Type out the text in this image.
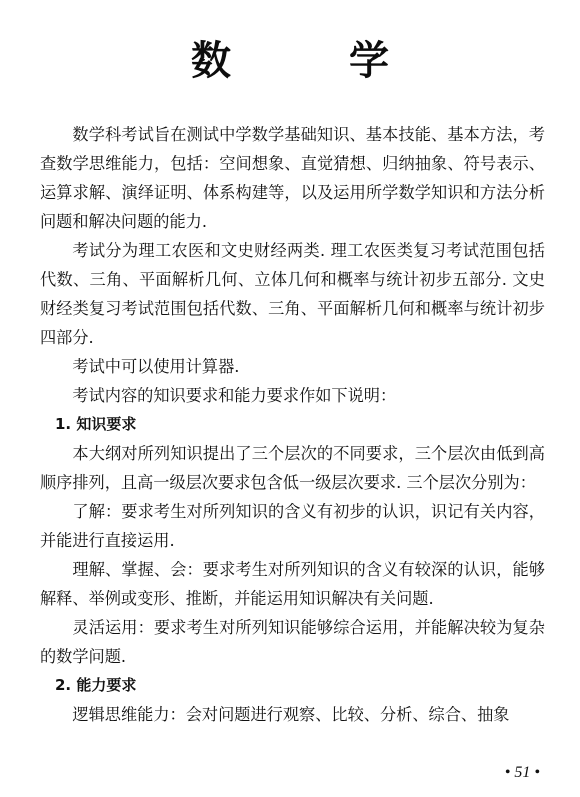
数 学

数学科考试旨在测试中学数学基础知识、基本技能、基本方法，考查数学思维能力，包括：空间想象、直觉猜想、归纳抽象、符号表示、运算求解、演绎证明、体系构建等，以及运用所学数学知识和方法分析问题和解决问题的能力.

考试分为理工农医和文史财经两类. 理工农医类复习考试范围包括代数、三角、平面解析几何、立体几何和概率与统计初步五部分. 文史财经类复习考试范围包括代数、三角、平面解析几何和概率与统计初步四部分.

考试中可以使用计算器.

考试内容的知识要求和能力要求作如下说明：

1. 知识要求

本大纲对所列知识提出了三个层次的不同要求，三个层次由低到高顺序排列，且高一级层次要求包含低一级层次要求. 三个层次分别为：

了解：要求考生对所列知识的含义有初步的认识，识记有关内容，并能进行直接运用.

理解、掌握、会：要求考生对所列知识的含义有较深的认识，能够解释、举例或变形、推断，并能运用知识解决有关问题.

灵活运用：要求考生对所列知识能够综合运用，并能解决较为复杂的数学问题.

2. 能力要求

逻辑思维能力：会对问题进行观察、比较、分析、综合、抽象

• 51 •
